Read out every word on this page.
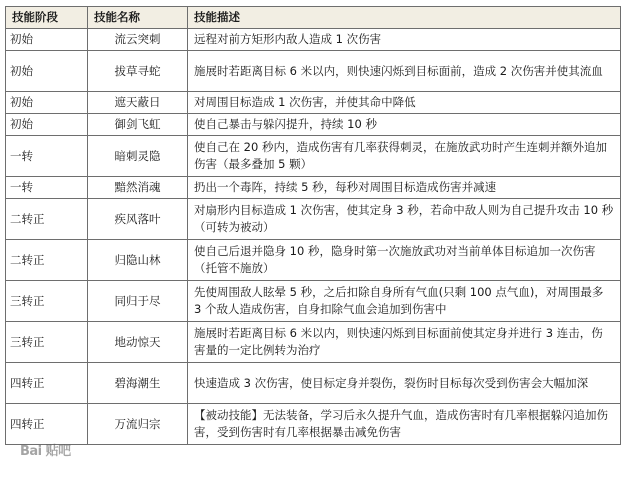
技能阶段	技能名称	技能描述
初始	流云突刺	远程对前方矩形内敌人造成 1 次伤害
初始	拔草寻蛇	施展时若距离目标 6 米以内，则快速闪烁到目标面前，造成 2 次伤害并使其流血
初始	遮天蔽日	对周围目标造成 1 次伤害，并使其命中降低
初始	御剑飞虹	使自己暴击与躲闪提升，持续 10 秒
一转	暗刺灵隐	使自己在 20 秒内，造成伤害有几率获得刺灵，在施放武功时产生连刺并额外追加伤害（最多叠加 5 颗）
一转	黯然消魂	扔出一个毒阵，持续 5 秒，每秒对周围目标造成伤害并减速
二转正	疾风落叶	对扇形内目标造成 1 次伤害，使其定身 3 秒，若命中敌人则为自己提升攻击 10 秒（可转为被动）
二转正	归隐山林	使自己后退并隐身 10 秒，隐身时第一次施放武功对当前单体目标追加一次伤害（托管不施放）
三转正	同归于尽	先使周围敌人眩晕 5 秒，之后扣除自身所有气血(只剩 100 点气血)，对周围最多 3 个敌人造成伤害，自身扣除气血会追加到伤害中
三转正	地动惊天	施展时若距离目标 6 米以内，则快速闪烁到目标面前使其定身并进行 3 连击，伤害量的一定比例转为治疗
四转正	碧海潮生	快速造成 3 次伤害，使目标定身并裂伤，裂伤时目标每次受到伤害会大幅加深
四转正	万流归宗	【被动技能】无法装备，学习后永久提升气血，造成伤害时有几率根据躲闪追加伤害，受到伤害时有几率根据暴击减免伤害
Bai 贴吧
